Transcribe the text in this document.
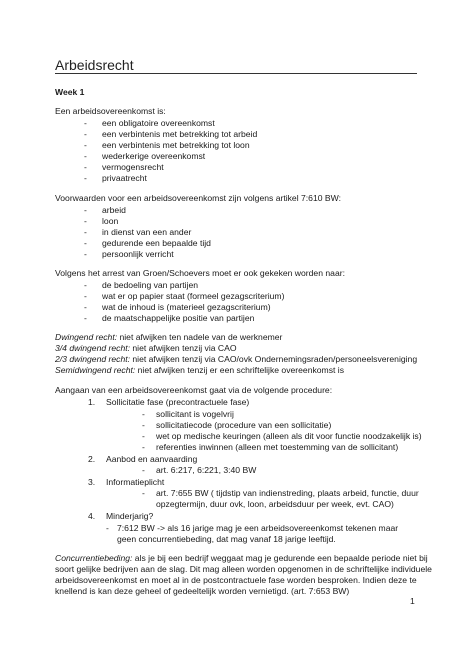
Arbeidsrecht
Week 1
Een arbeidsovereenkomst is:
- een obligatoire overeenkomst
- een verbintenis met betrekking tot arbeid
- een verbintenis met betrekking tot loon
- wederkerige overeenkomst
- vermogensrecht
- privaatrecht
Voorwaarden voor een arbeidsovereenkomst zijn volgens artikel 7:610 BW:
- arbeid
- loon
- in dienst van een ander
- gedurende een bepaalde tijd
- persoonlijk verricht
Volgens het arrest van Groen/Schoevers moet er ook gekeken worden naar:
- de bedoeling van partijen
- wat er op papier staat (formeel gezagscriterium)
- wat de inhoud is (materieel gezagscriterium)
- de maatschappelijke positie van partijen
Dwingend recht: niet afwijken ten nadele van de werknemer
3/4 dwingend recht: niet afwijken tenzij via CAO
2/3 dwingend recht: niet afwijken tenzij via CAO/ovk Ondernemingsraden/personeelsvereniging
Semidwingend recht: niet afwijken tenzij er een schriftelijke overeenkomst is
Aangaan van een arbeidsovereenkomst gaat via de volgende procedure:
1. Sollicitatie fase (precontractuele fase)
- sollicitant is vogelvrij
- sollicitatiecode (procedure van een sollicitatie)
- wet op medische keuringen (alleen als dit voor functie noodzakelijk is)
- referenties inwinnen (alleen met toestemming van de sollicitant)
2. Aanbod en aanvaarding
- art. 6:217, 6:221, 3:40 BW
3. Informatieplicht
- art. 7:655 BW ( tijdstip van indienstreding, plaats arbeid, functie, duur
opzegtermijn, duur ovk, loon, arbeidsduur per week, evt. CAO)
4. Minderjarig?
- 7:612 BW -> als 16 jarige mag je een arbeidsovereenkomst tekenen maar
geen concurrentiebeding, dat mag vanaf 18 jarige leeftijd.
Concurrentiebeding: als je bij een bedrijf weggaat mag je gedurende een bepaalde periode niet bij
soort gelijke bedrijven aan de slag. Dit mag alleen worden opgenomen in de schriftelijke individuele
arbeidsovereenkomst en moet al in de postcontractuele fase worden besproken. Indien deze te
knellend is kan deze geheel of gedeeltelijk worden vernietigd. (art. 7:653 BW)
1
